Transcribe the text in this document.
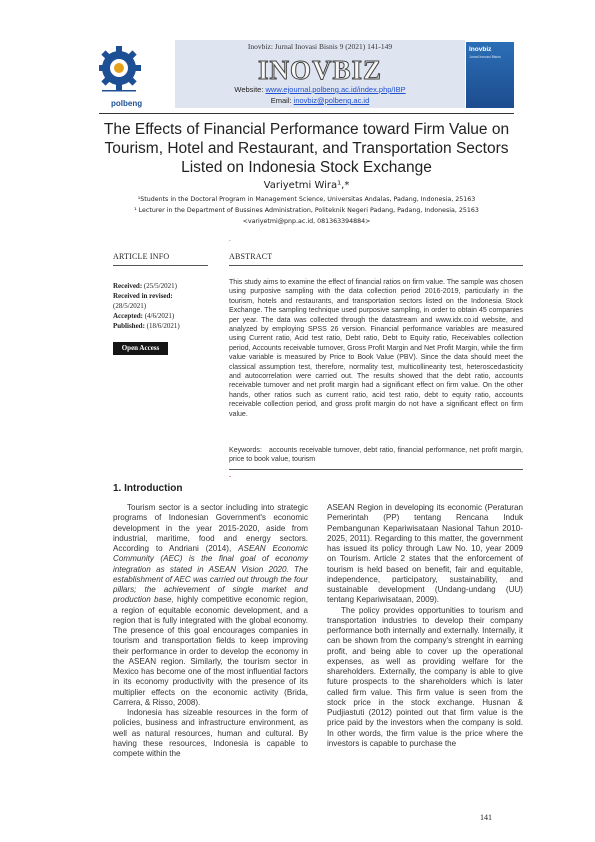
polbeng
Inovbiz: Jurnal Inovasi Bisnis 9 (2021) 141-149
INOVBIZ
Website: www.ejournal.polbeng.ac.id/index.php/IBP
Email: inovbiz@polbeng.ac.id
Inovbiz
Jurnal Inovasi Bisnis
The Effects of Financial Performance toward Firm Value on Tourism, Hotel and Restaurant, and Transportation Sectors Listed on Indonesia Stock Exchange
Variyetmi Wira¹,*
¹Students in the Doctoral Program in Management Science, Universitas Andalas, Padang, Indonesia, 25163
¹ Lecturer in the Department of Bussines Administration, Politeknik Negeri Padang, Padang, Indonesia, 25163
<variyetmi@pnp.ac.id, 081363394884>
.
ARTICLE INFO
Received: (25/5/2021)
Received in revised:
(28/5/2021)
Accepted: (4/6/2021)
Published: (18/6/2021)
Open Access
ABSTRACT
This study aims to examine the effect of financial ratios on firm value. The sample was chosen using purposive sampling with the data collection period 2016-2019, particularly in the tourism, hotels and restaurants, and transportation sectors listed on the Indonesia Stock Exchange. The sampling technique used purposive sampling, in order to obtain 45 companies per year. The data was collected through the datastream and www.idx.co.id website, and analyzed by employing SPSS 26 version. Financial performance variables are measured using Current ratio, Acid test ratio, Debt ratio, Debt to Equity ratio, Receivables collection period, Accounts receivable turnover, Gross Profit Margin and Net Profit Margin, while the firm value variable is measured by Price to Book Value (PBV). Since the data should meet the classical assumption test, therefore, normality test, multicollinearity test, heteroscedasticity and autocorrelation were carried out. The results showed that the debt ratio, accounts receivable turnover and net profit margin had a significant effect on firm value. On the other hands, other ratios such as current ratio, acid test ratio, debt to equity ratio, accounts receivable collection period, and gross profit margin do not have a significant effect on firm value.
Keywords: accounts receivable turnover, debt ratio, financial performance, net profit margin, price to book value, tourism
-
1. Introduction

Tourism sector is a sector including into strategic programs of Indonesian Government's economic development in the year 2015-2020, aside from industrial, maritime, food and energy sectors. According to Andriani (2014), ASEAN Economic Community (AEC) is the final goal of economy integration as stated in ASEAN Vision 2020. The establishment of AEC was carried out through the four pillars; the achievement of single market and production base, highly competitive economic region, a region of equitable economic development, and a region that is fully integrated with the global economy. The presence of this goal encourages companies in tourism and transportation fields to keep improving their performance in order to develop the economy in the ASEAN region. Similarly, the tourism sector in Mexico has become one of the most influential factors in its economy productivity with the presence of its multiplier effects on the economic activity (Brida, Carrera, & Risso, 2008).

Indonesia has sizeable resources in the form of policies, business and infrastructure environment, as well as natural resources, human and cultural. By having these resources, Indonesia is capable to compete within the

ASEAN Region in developing its economic (Peraturan Pemerintah (PP) tentang Rencana Induk Pembangunan Kepariwisataan Nasional Tahun 2010-2025, 2011). Regarding to this matter, the government has issued its policy through Law No. 10, year 2009 on Tourism. Article 2 states that the enforcement of tourism is held based on benefit, fair and equitable, independence, participatory, sustainability, and sustainable development (Undang-undang (UU) tentang Kepariwisataan, 2009).

The policy provides opportunities to tourism and transportation industries to develop their company performance both internally and externally. Internally, it can be shown from the company's strenght in earning profit, and being able to cover up the operational expenses, as well as providing welfare for the shareholders. Externally, the company is able to give future prospects to the shareholders which is later called firm value. This firm value is seen from the stock price in the stock exchange. Husnan & Pudjiastuti (2012) pointed out that firm value is the price paid by the investors when the company is sold. In other words, the firm value is the price where the investors is capable to purchase the

141
